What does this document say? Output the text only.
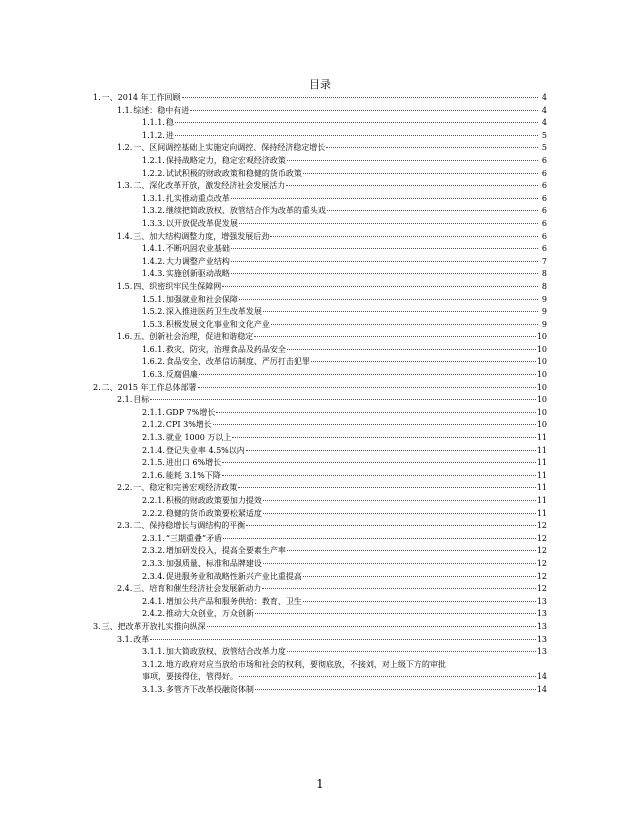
目录
1. 一、2014 年工作回顾	4
1.1. 综述：稳中有进	4
1.1.1. 稳	4
1.1.2. 进	5
1.2. 一、区间调控基础上实施定向调控、保持经济稳定增长	5
1.2.1. 保持战略定力，稳定宏观经济政策	6
1.2.2. 试试积极的财政政策和稳健的货币政策	6
1.3. 二、深化改革开放，激发经济社会发展活力	6
1.3.1. 扎实推动重点改革	6
1.3.2. 继续把简政放权、放管结合作为改革的重头戏	6
1.3.3. 以开放促改革促发展	6
1.4. 三、加大结构调整力度，增强发展后劲	6
1.4.1. 不断巩固农业基础	6
1.4.2. 大力调整产业结构	7
1.4.3. 实施创新驱动战略	8
1.5. 四、织密织牢民生保障网	8
1.5.1. 加强就业和社会保障	9
1.5.2. 深入推进医药卫生改革发展	9
1.5.3. 积极发展文化事业和文化产业	9
1.6. 五、创新社会治理，促进和谐稳定	10
1.6.1. 救灾、防灾，治理食品及药品安全	10
1.6.2. 食品安全、改革信访制度、严厉打击犯罪	10
1.6.3. 反腐倡廉	10
2. 二、2015 年工作总体部署	10
2.1. 目标	10
2.1.1. GDP 7%增长	10
2.1.2. CPI 3%增长	10
2.1.3. 就业 1000 万以上	11
2.1.4. 登记失业率 4.5%以内	11
2.1.5. 进出口 6%增长	11
2.1.6. 能耗 3.1%下降	11
2.2. 一、稳定和完善宏观经济政策	11
2.2.1. 积极的财政政策要加力提效	11
2.2.2. 稳健的货币政策要松紧适度	11
2.3. 二、保持稳增长与调结构的平衡	12
2.3.1. “三期重叠”矛盾	12
2.3.2. 增加研发投入，提高全要素生产率	12
2.3.3. 加强质量、标准和品牌建设	12
2.3.4. 促进服务业和战略性新兴产业比重提高	12
2.4. 三、培育和催生经济社会发展新动力	12
2.4.1. 增加公共产品和服务供给：教育、卫生	13
2.4.2. 推动大众创业，万众创新	13
3. 三、把改革开放扎实推向纵深	13
3.1. 改革	13
3.1.1. 加大简政放权、放管结合改革力度	13
3.1.2.地方政府对应当放给市场和社会的权利，要彻底放，不接刘，对上级下方的审批
事项，要接得住，管得好。	14
3.1.3. 多管齐下改革投融资体制	14
1
